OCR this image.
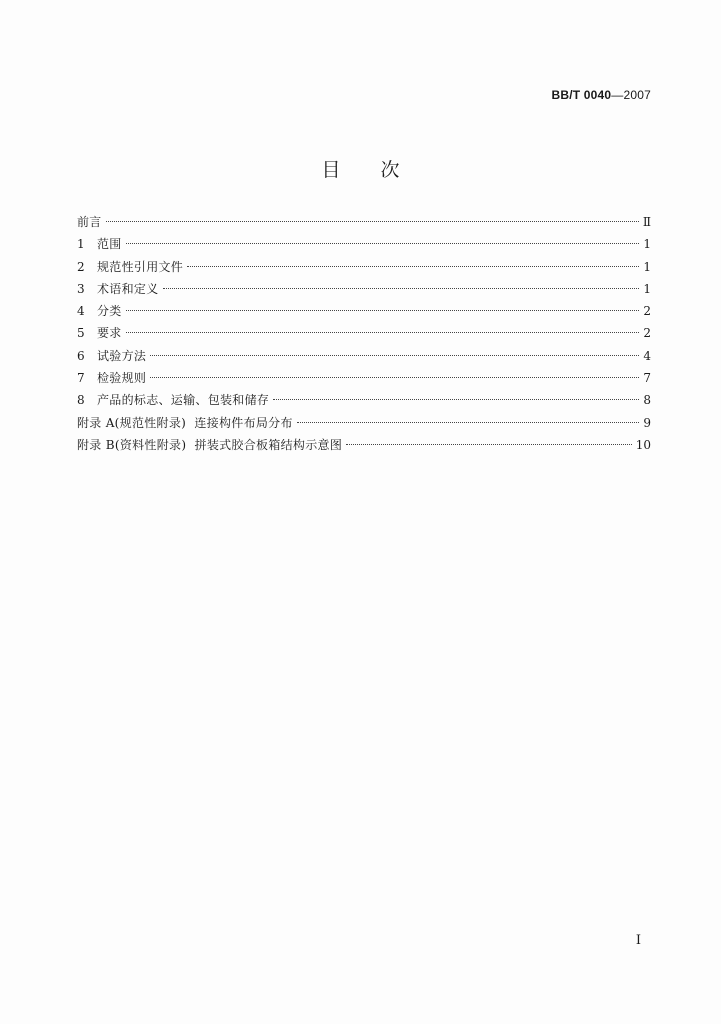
BB/T 0040—2007
目次
前言	Ⅱ
1	范围	1
2	规范性引用文件	1
3	术语和定义	1
4	分类	2
5	要求	2
6	试验方法	4
7	检验规则	7
8	产品的标志、运输、包装和储存	8
附录 A(规范性附录)  连接构件布局分布	9
附录 B(资料性附录)  拼装式胶合板箱结构示意图	10
Ⅰ
